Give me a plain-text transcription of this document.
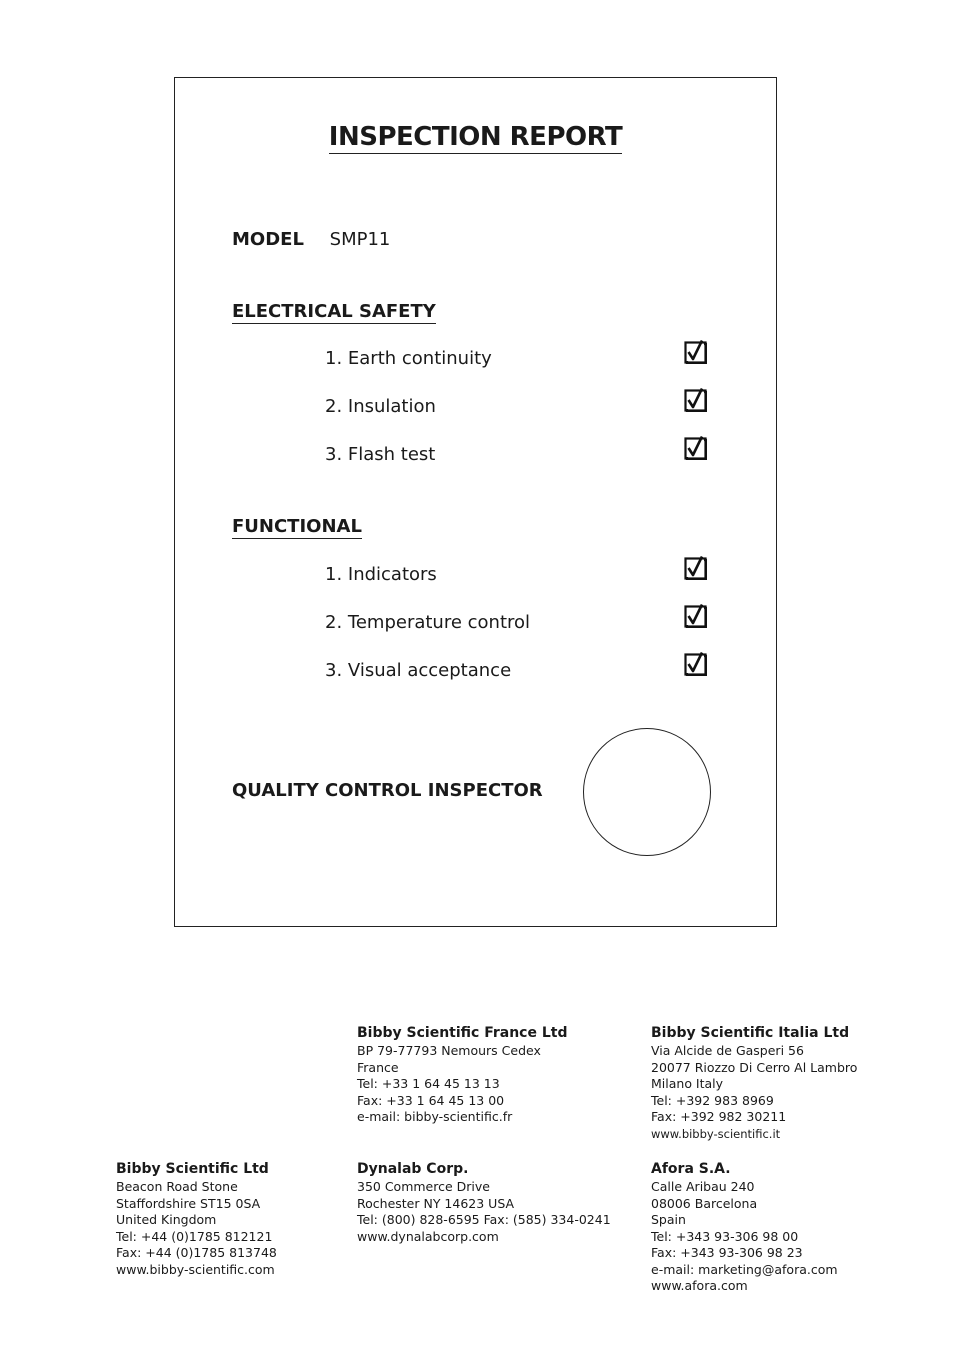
INSPECTION REPORT
MODEL SMP11
ELECTRICAL SAFETY
1. Earth continuity
2. Insulation
3. Flash test
FUNCTIONAL
1. Indicators
2. Temperature control
3. Visual acceptance
QUALITY CONTROL INSPECTOR
Bibby Scientific France Ltd
BP 79-77793 Nemours Cedex
France
Tel: +33 1 64 45 13 13
Fax: +33 1 64 45 13 00
e-mail: bibby-scientific.fr
Bibby Scientific Italia Ltd
Via Alcide de Gasperi 56
20077 Riozzo Di Cerro Al Lambro
Milano Italy
Tel: +392 983 8969
Fax: +392 982 30211
www.bibby-scientific.it
Bibby Scientific Ltd
Beacon Road Stone
Staffordshire ST15 0SA
United Kingdom
Tel: +44 (0)1785 812121
Fax: +44 (0)1785 813748
www.bibby-scientific.com
Dynalab Corp.
350 Commerce Drive
Rochester NY 14623 USA
Tel: (800) 828-6595 Fax: (585) 334-0241
www.dynalabcorp.com
Afora S.A.
Calle Aribau 240
08006 Barcelona
Spain
Tel: +343 93-306 98 00
Fax: +343 93-306 98 23
e-mail: marketing@afora.com
www.afora.com
